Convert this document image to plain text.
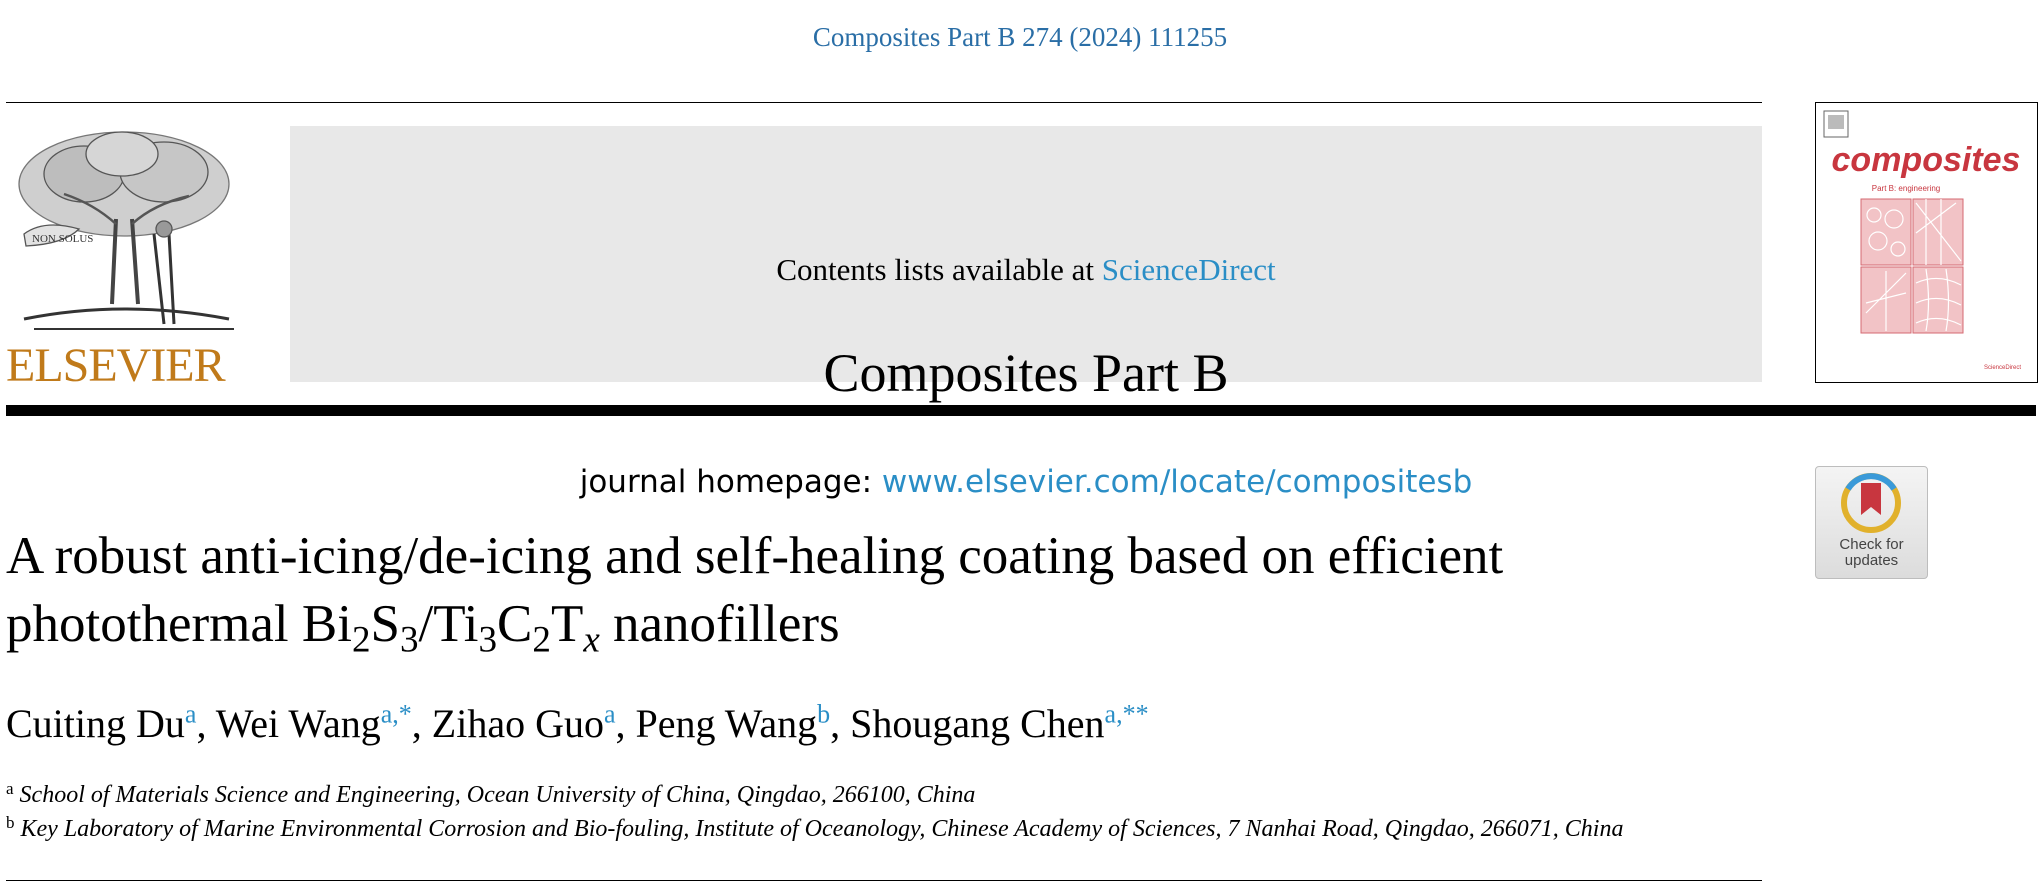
Composites Part B 274 (2024) 111255
NON SOLUS
ELSEVIER
Contents lists available at ScienceDirect
Composites Part B
journal homepage: www.elsevier.com/locate/compositesb
composites
Part B: engineering
ScienceDirect
Check for
updates
A robust anti-icing/de-icing and self-healing coating based on efficient
photothermal $Bi_2S_3/Ti_3C_2T_x$ nanofillers
Cuiting Du$^a$, Wei Wang$^{a,*}$, Zihao Guo$^a$, Peng Wang$^b$, Shougang Chen$^{a,**}$
$^a$ School of Materials Science and Engineering, Ocean University of China, Qingdao, 266100, China
$^b$ Key Laboratory of Marine Environmental Corrosion and Bio-fouling, Institute of Oceanology, Chinese Academy of Sciences, 7 Nanhai Road, Qingdao, 266071, China
